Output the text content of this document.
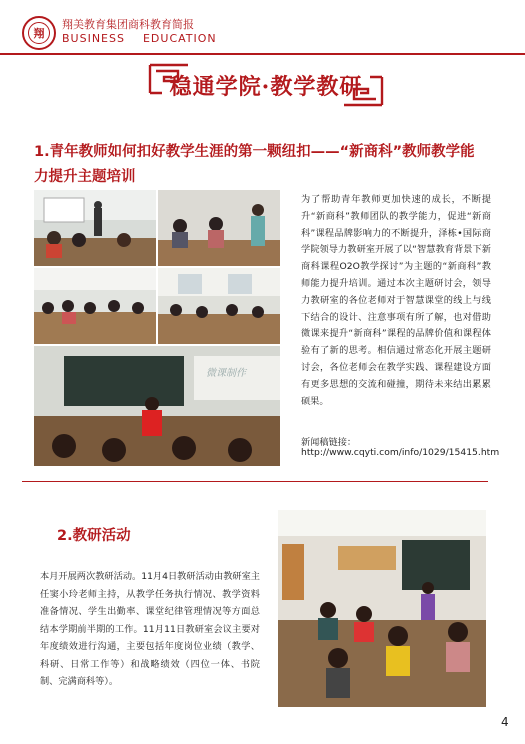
翔
翔美教育集团商科教育简报
BUSINESS EDUCATION
稳通学院·教学教研
1.青年教师如何扣好教学生涯的第一颗纽扣——“新商科”教师教学能力提升主题培训
微课制作
为了帮助青年教师更加快速的成长，不断提升“新商科”教师团队的教学能力，促进“新商科”课程品牌影响力的不断提升，泽栋•国际商学院领导力教研室开展了以“智慧教育背景下新商科课程O2O教学探讨”为主题的“新商科”教师能力提升培训。通过本次主题研讨会，领导力教研室的各位老师对于智慧课堂的线上与线下结合的设计、注意事项有所了解，也对借助微课来提升“新商科”课程的品牌价值和课程体验有了新的思考。相信通过常态化开展主题研讨会，各位老师会在教学实践、课程建设方面有更多思想的交流和碰撞，期待未来结出累累硕果。
新闻稿链接：
http://www.cqyti.com/info/1029/15415.htm
2.教研活动
本月开展两次教研活动。11月4日教研活动由教研室主任窦小玲老师主持，从教学任务执行情况、教学资料准备情况、学生出勤率、课堂纪律管理情况等方面总结本学期前半期的工作。11月11日教研室会议主要对年度绩效进行沟通，主要包括年度岗位业绩（教学、科研、日常工作等）和战略绩效（四位一体、书院制、完满商科等）。
4
